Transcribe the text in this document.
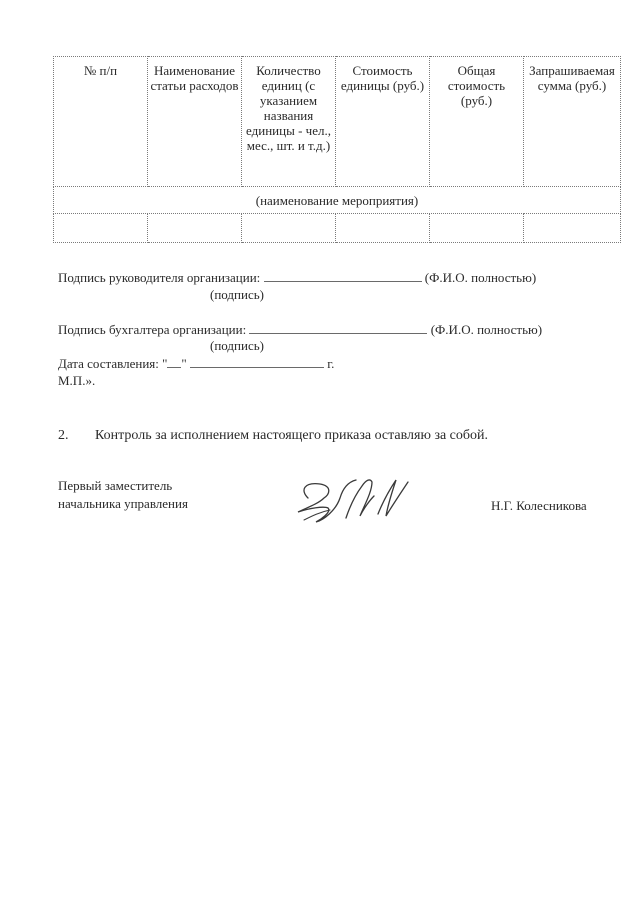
№ п/п	Наименование статьи расходов	Количество единиц (с указанием названия единицы - чел., мес., шт. и т.д.)	Стоимость единицы (руб.)	Общая стоимость (руб.)	Запрашиваемая сумма (руб.)

(наименование мероприятия)					

Подпись руководителя организации:	(Ф.И.О. полностью)
(подпись)
Подпись бухгалтера организации:	(Ф.И.О. полностью)
(подпись)
Дата составления: " "	г.
М.П.».
2. Контроль за исполнением настоящего приказа оставляю за собой.
Первый заместитель
начальника управления	Н.Г. Колесникова
